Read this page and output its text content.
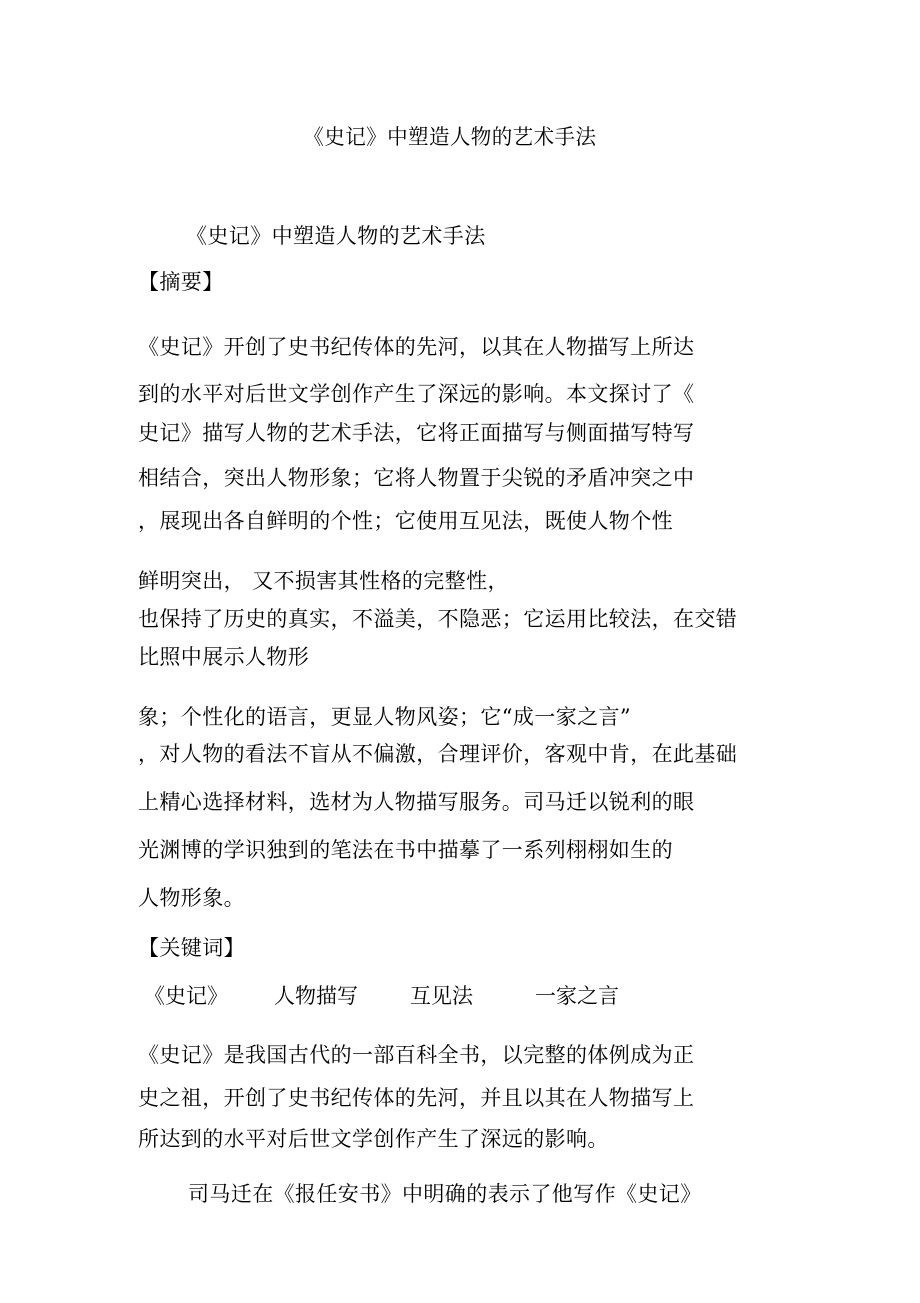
《史记》中塑造人物的艺术手法
《史记》中塑造人物的艺术手法
【摘要】
《史记》开创了史书纪传体的先河，以其在人物描写上所达
到的水平对后世文学创作产生了深远的影响。本文探讨了《
史记》描写人物的艺术手法，它将正面描写与侧面描写特写
相结合，突出人物形象；它将人物置于尖锐的矛盾冲突之中
，展现出各自鲜明的个性；它使用互见法，既使人物个性
鲜明突出， 又不损害其性格的完整性，
也保持了历史的真实，不溢美，不隐恶；它运用比较法，在交错
比照中展示人物形
象；个性化的语言，更显人物风姿；它“成一家之言”
，对人物的看法不盲从不偏激，合理评价，客观中肯，在此基础
上精心选择材料，选材为人物描写服务。司马迁以锐利的眼
光渊博的学识独到的笔法在书中描摹了一系列栩栩如生的
人物形象。
【关键词】
《史记》 人物描写 互见法	一家之言
《史记》是我国古代的一部百科全书，以完整的体例成为正
史之祖，开创了史书纪传体的先河，并且以其在人物描写上
所达到的水平对后世文学创作产生了深远的影响。
司马迁在《报任安书》中明确的表示了他写作《史记》
